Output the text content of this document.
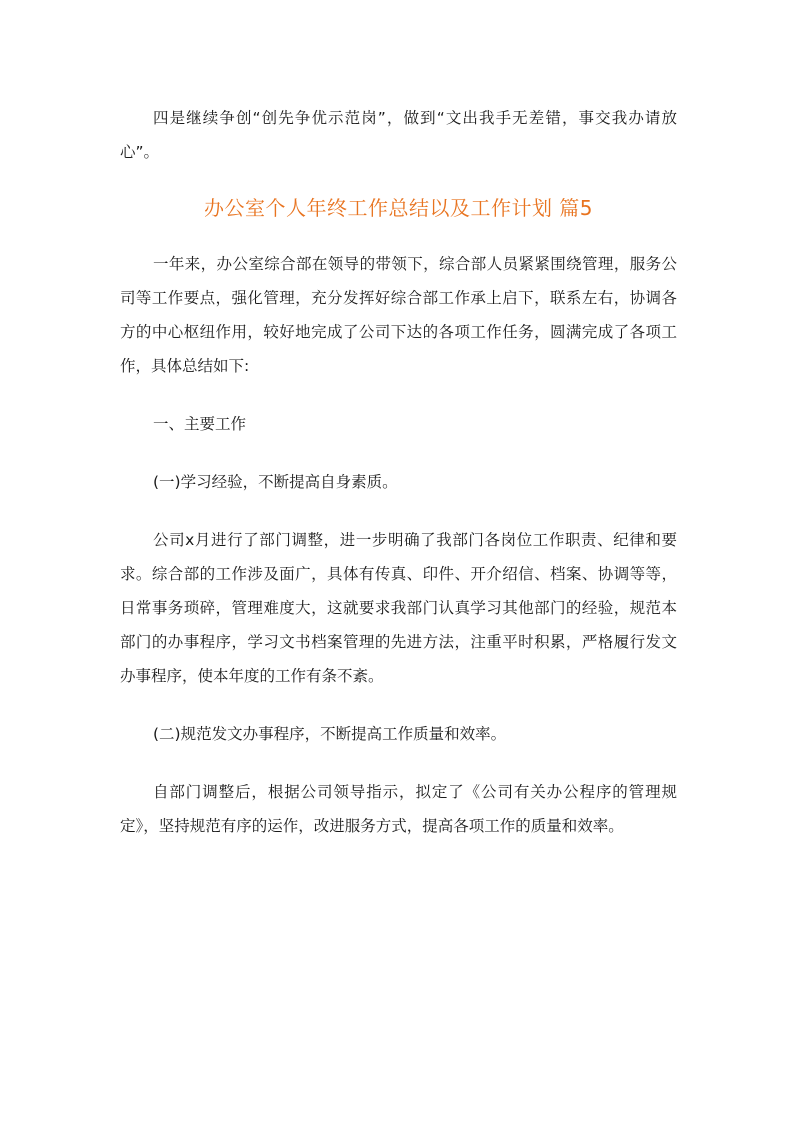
四是继续争创“创先争优示范岗”，做到“文出我手无差错，事交我办请放心”。

办公室个人年终工作总结以及工作计划 篇5

一年来，办公室综合部在领导的带领下，综合部人员紧紧围绕管理，服务公司等工作要点，强化管理，充分发挥好综合部工作承上启下，联系左右，协调各方的中心枢纽作用，较好地完成了公司下达的各项工作任务，圆满完成了各项工作，具体总结如下:

一、主要工作

(一)学习经验，不断提高自身素质。

公司x月进行了部门调整，进一步明确了我部门各岗位工作职责、纪律和要求。综合部的工作涉及面广，具体有传真、印件、开介绍信、档案、协调等等，日常事务琐碎，管理难度大，这就要求我部门认真学习其他部门的经验，规范本部门的办事程序，学习文书档案管理的先进方法，注重平时积累，严格履行发文办事程序，使本年度的工作有条不紊。

(二)规范发文办事程序，不断提高工作质量和效率。

自部门调整后，根据公司领导指示，拟定了《公司有关办公程序的管理规定》，坚持规范有序的运作，改进服务方式，提高各项工作的质量和效率。
